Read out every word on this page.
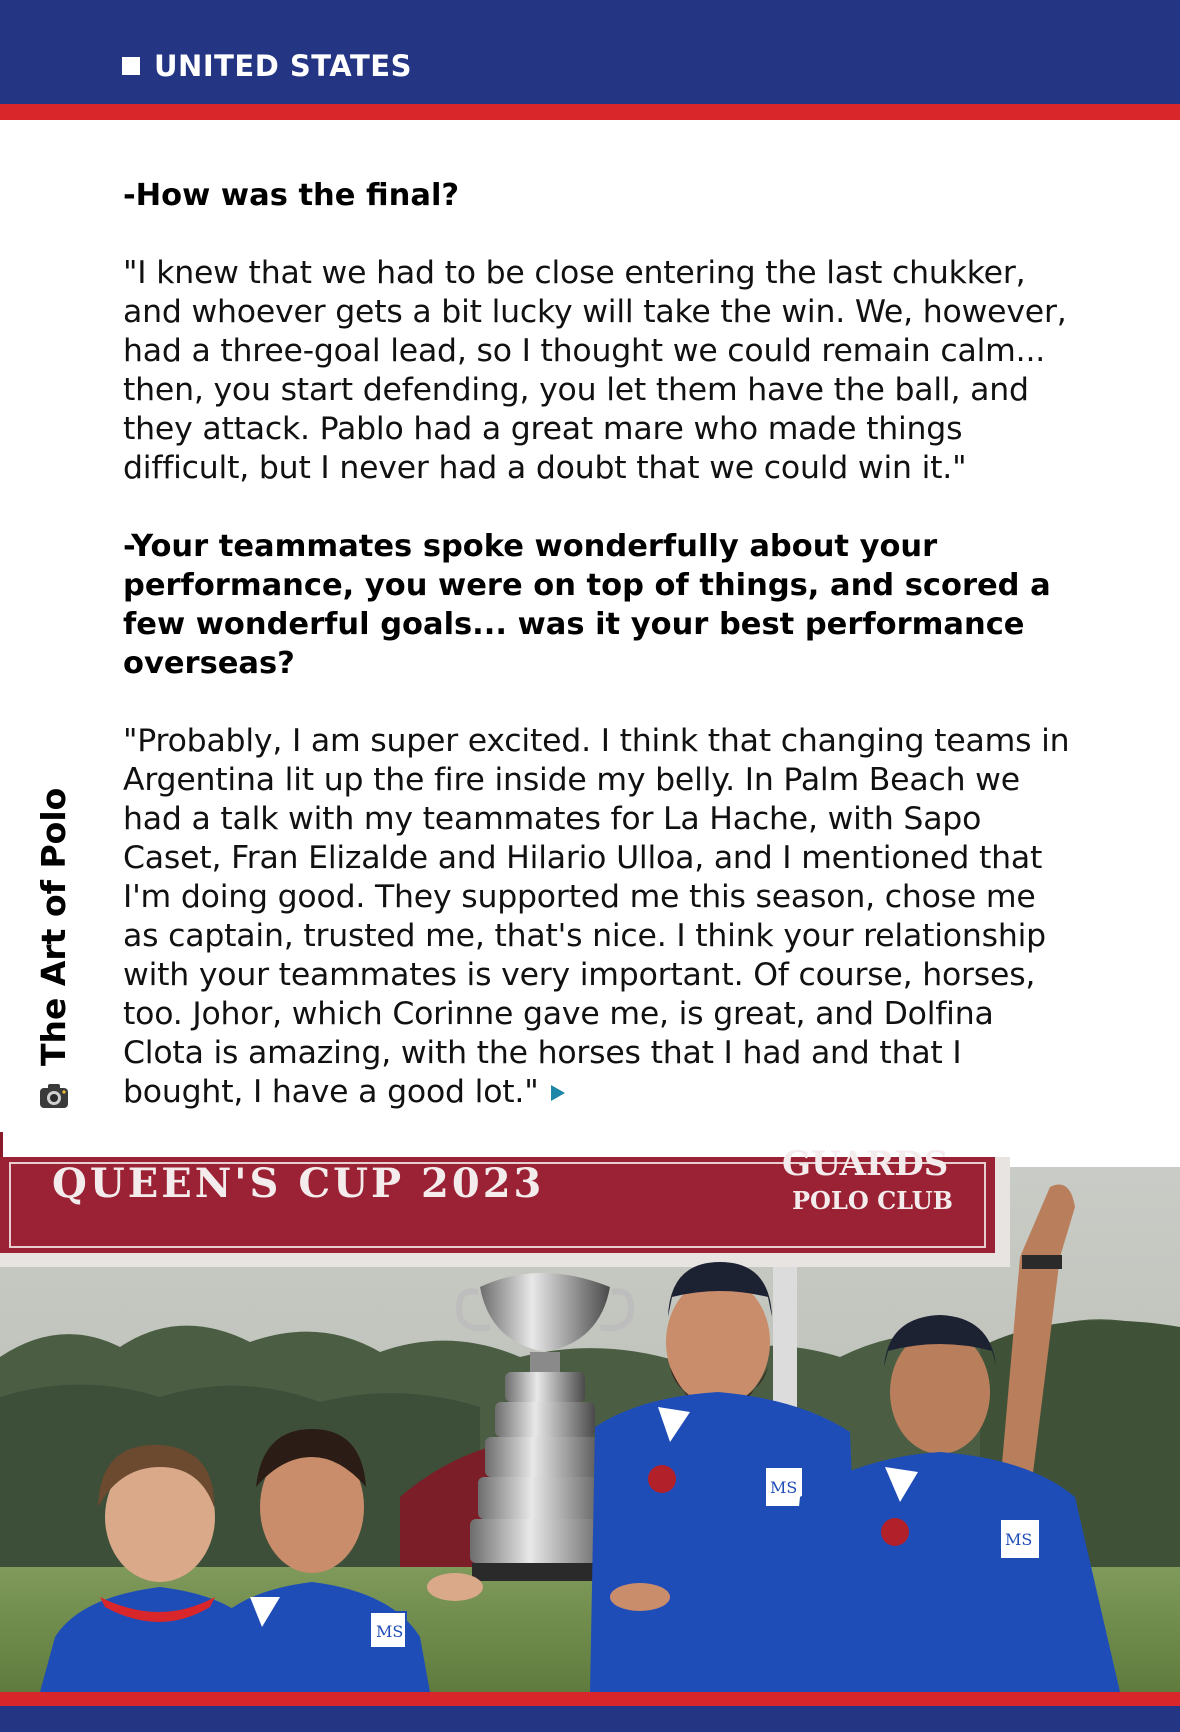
UNITED STATES

-How was the final?

"I knew that we had to be close entering the last chukker, and whoever gets a bit lucky will take the win. We, however, had a three-goal lead, so I thought we could remain calm... then, you start defending, you let them have the ball, and they attack. Pablo had a great mare who made things difficult, but I never had a doubt that we could win it."

-Your teammates spoke wonderfully about your performance, you were on top of things, and scored a few wonderful goals... was it your best performance overseas?

"Probably, I am super excited. I think that changing teams in Argentina lit up the fire inside my belly. In Palm Beach we had a talk with my teammates for La Hache, with Sapo Caset, Fran Elizalde and Hilario Ulloa, and I mentioned that I'm doing good. They supported me this season, chose me as captain, trusted me, that's nice. I think your relationship with your teammates is very important. Of course, horses, too. Johor, which Corinne gave me, is great, and Dolfina Clota is amazing, with the horses that I had and that I bought, I have a good lot."

The Art of Polo
QUEEN'S CUP 2023	GUARDS
POLO CLUB
MS
MS
MS
